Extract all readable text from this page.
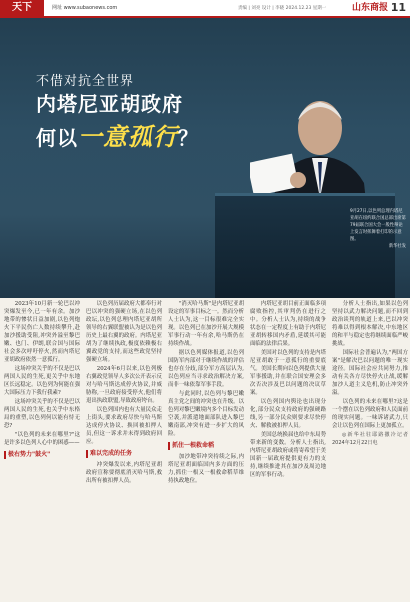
天下	网址 www.subaonews.com	责编 | 刘亮 设计 | 李晓 2024.12.23 星期一	山东商报 11
不借对抗全世界
内塔尼亚胡政府
何以一意孤行？
9月27日,以色列总理内塔尼亚胡在纽约联合国总部出席第79届联合国大会一般性辩论上发言时挥舞着打印的示意图。
新华社发

2023年10月新一轮巴以冲突爆发至今,已一年有余。加沙地带的惨状日益加剧,以色列炮火下平民伤亡人数持续攀升,赴加沙援助受阻,冲突外溢至黎巴嫩、也门、伊朗,联合国与国际社会多次呼吁停火,然而内塔尼亚胡政府依然一意孤行。

这场冲突关乎的不仅是巴以两国人民的生死,更关乎中东地区长远稳定。以色列为何能在强大国际压力下我行我素?

这场冲突关乎的不仅是巴以两国人民的生死,也关乎中东格局的重塑,以色列何以能有恃无恐?

"以色列的未来在哪里?"这是许多以色列人心中的困惑——

极右势力"鼓火"

以色列历届政府大都奉行对巴以冲突的强硬立场,在以色列政坛,以色列总理内塔尼亚胡所领导的右翼联盟被认为是以色列历史上最右翼的政府。内塔尼亚胡为了继续执政,极度依赖极右翼政党的支持,而这些政党坚持强硬立场。

2024年6月以来,以色列极右翼政党领导人多次公开表示反对与哈马斯达成停火协议,并威胁称,一旦政府接受停火,他们将退出执政联盟,导致政府垮台。

以色列国内也有大量民众走上街头,要求政府尽快与哈马斯达成停火协议、换回被扣押人员,但这一诉求并未得到政府回应。

难以完成的任务

冲突爆发以来,内塔尼亚胡政府宣称要彻底消灭哈马斯,救出所有被扣押人员。

"消灭哈马斯"是内塔尼亚胡设定的军事目标之一。然而分析人士认为,这一目标很难完全实现。以色列已在加沙开展大规模军事行动一年有余,哈马斯仍在持续作战。

据以色列媒体报道,以色列国防军内部对于继续作战的评估也存在分歧,部分军方高层认为,以色列应当寻求政治解决方案,而非一味依靠军事手段。

与此同时,以色列与黎巴嫩真主党之间的冲突也在升级。以色列对黎巴嫩境内多个目标发动空袭,并派遣地面部队进入黎巴嫩南部,冲突有进一步扩大的风险。

抓住一根救命稻

加沙地带冲突持续之际,内塔尼亚胡面临国内多方面的压力,抓住一根又一根救命稻草维持执政地位。

内塔尼亚胡目前正面临多项腐败指控,其审判仍在进行之中。分析人士认为,持续的战争状态在一定程度上有助于内塔尼亚胡转移国内矛盾,延缓其可能面临的法律后果。

美国对以色列的支持是内塔尼亚胡敢于一意孤行的重要底气。美国长期向以色列提供大量军事援助,并在联合国安理会多次否决涉及巴以问题的决议草案。

以色列国内舆论也出现分化,部分民众支持政府的强硬路线,另一部分民众则要求尽快停火、解救被扣押人员。

美国总统换届也给中东局势带来新的变数。分析人士指出,内塔尼亚胡政府或将寄希望于美国新一届政府提供更有力的支持,继续推进其在加沙及周边地区的军事行动。

分析人士指出,如果以色列坚持以武力解决问题,而不回到政治谈判的轨道上来,巴以冲突将难以得到根本解决,中东地区的和平与稳定也将继续面临严峻挑战。

国际社会普遍认为,"两国方案"是解决巴以问题的唯一现实途径。国际社会应共同努力,推动有关各方尽快停火止战,缓解加沙人道主义危机,防止冲突外溢。

以色列的未来在哪里?这是一个摆在以色列政府和人民面前的现实问题。一味诉诸武力,只会让以色列在国际上更加孤立。

◎新华社驻耶路撒冷记者 2024年12月22日电
